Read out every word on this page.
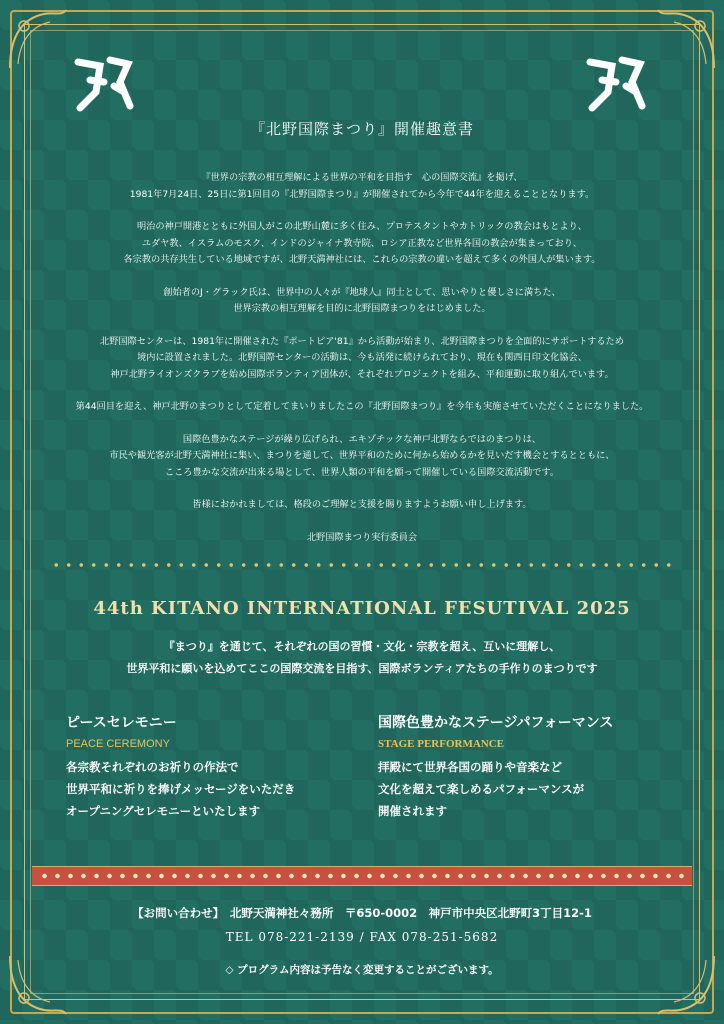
『北野国際まつり』開催趣意書

『世界の宗教の相互理解による世界の平和を目指す　心の国際交流』を掲げ、
1981年7月24日、25日に第1回目の『北野国際まつり』が開催されてから今年で44年を迎えることとなります。

明治の神戸開港とともに外国人がこの北野山麓に多く住み、プロテスタントやカトリックの教会はもとより、
ユダヤ教、イスラムのモスク、インドのジャイナ教寺院、ロシア正教など世界各国の教会が集まっており、
各宗教の共存共生している地域ですが、北野天満神社には、これらの宗教の違いを超えて多くの外国人が集います。

創始者のJ・グラック氏は、世界中の人々が『地球人』同士として、思いやりと優しさに満ちた、
世界宗教の相互理解を目的に北野国際まつりをはじめました。

北野国際センターは、1981年に開催された『ポートピア'81』から活動が始まり、北野国際まつりを全面的にサポートするため
境内に設置されました。北野国際センターの活動は、今も活発に続けられており、現在も関西日印文化協会、
神戸北野ライオンズクラブを始め国際ボランティア団体が、それぞれプロジェクトを組み、平和運動に取り組んでいます。

第44回目を迎え、神戸北野のまつりとして定着してまいりましたこの『北野国際まつり』を今年も実施させていただくことになりました。

国際色豊かなステージが繰り広げられ、エキゾチックな神戸北野ならではのまつりは、
市民や観光客が北野天満神社に集い、まつりを通して、世界平和のために何から始めるかを見いだす機会とするとともに、
こころ豊かな交流が出来る場として、世界人類の平和を願って開催している国際交流活動です。

皆様におかれましては、格段のご理解と支援を賜りますようお願い申し上げます。

北野国際まつり実行委員会

44th KITANO INTERNATIONAL FESUTIVAL 2025
『まつり』を通じて、それぞれの国の習慣・文化・宗教を超え、互いに理解し、
世界平和に願いを込めてここの国際交流を目指す、国際ボランティアたちの手作りのまつりです
ピースセレモニー
PEACE CEREMONY
各宗教それぞれのお祈りの作法で
世界平和に祈りを捧げメッセージをいただき
オープニングセレモニーといたします
国際色豊かなステージパフォーマンス
STAGE PERFORMANCE
拝殿にて世界各国の踊りや音楽など
文化を超えて楽しめるパフォーマンスが
開催されます
【お問い合わせ】　北野天満神社々務所　〒650-0002　神戸市中央区北野町3丁目12-1
TEL 078-221-2139 / FAX 078-251-5682
◇ プログラム内容は予告なく変更することがございます。
